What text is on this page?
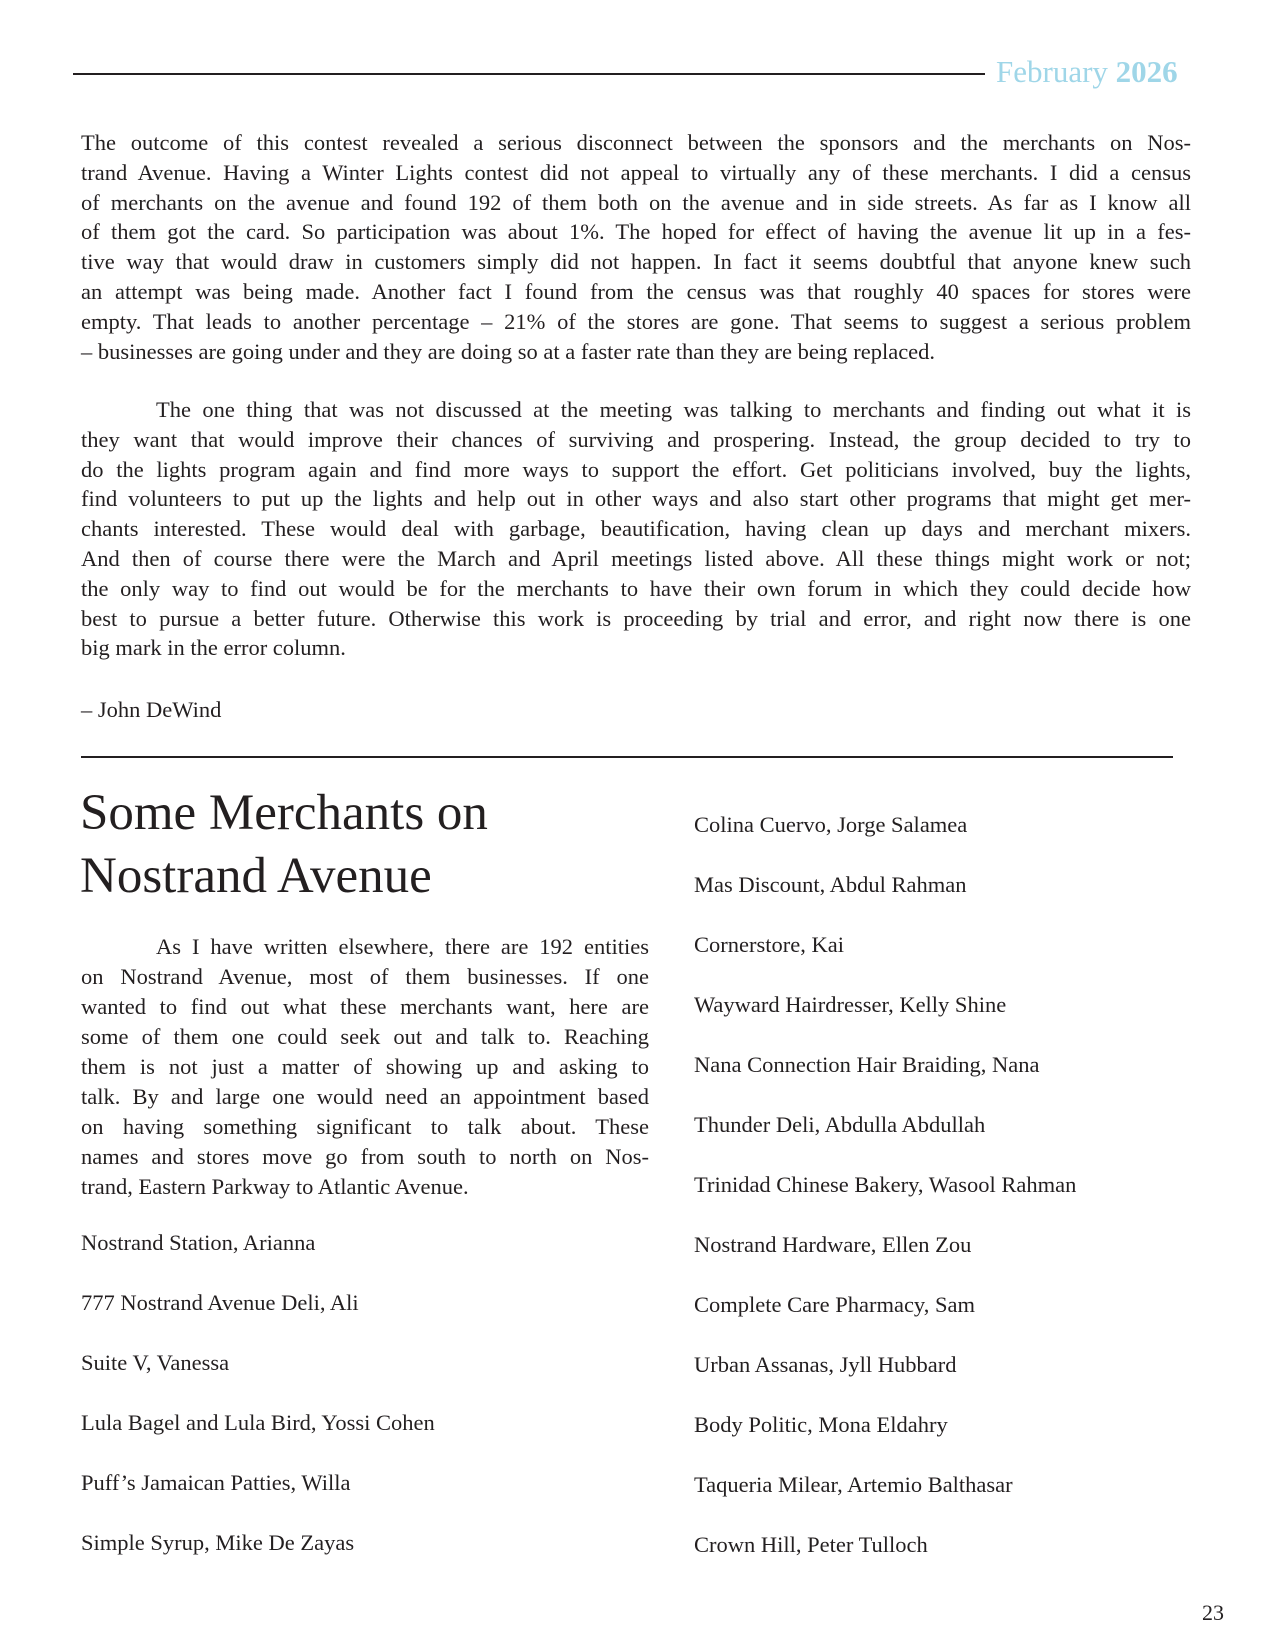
February 2026
The outcome of this contest revealed a serious disconnect between the sponsors and the merchants on Nos-
trand Avenue. Having a Winter Lights contest did not appeal to virtually any of these merchants. I did a census
of merchants on the avenue and found 192 of them both on the avenue and in side streets. As far as I know all
of them got the card. So participation was about 1%. The hoped for effect of having the avenue lit up in a fes-
tive way that would draw in customers simply did not happen. In fact it seems doubtful that anyone knew such
an attempt was being made. Another fact I found from the census was that roughly 40 spaces for stores were
empty. That leads to another percentage – 21% of the stores are gone. That seems to suggest a serious problem
– businesses are going under and they are doing so at a faster rate than they are being replaced.
The one thing that was not discussed at the meeting was talking to merchants and finding out what it is
they want that would improve their chances of surviving and prospering. Instead, the group decided to try to
do the lights program again and find more ways to support the effort. Get politicians involved, buy the lights,
find volunteers to put up the lights and help out in other ways and also start other programs that might get mer-
chants interested. These would deal with garbage, beautification, having clean up days and merchant mixers.
And then of course there were the March and April meetings listed above. All these things might work or not;
the only way to find out would be for the merchants to have their own forum in which they could decide how
best to pursue a better future. Otherwise this work is proceeding by trial and error, and right now there is one
big mark in the error column.
– John DeWind
Some Merchants on
Nostrand Avenue
As I have written elsewhere, there are 192 entities
on Nostrand Avenue, most of them businesses. If one
wanted to find out what these merchants want, here are
some of them one could seek out and talk to. Reaching
them is not just a matter of showing up and asking to
talk. By and large one would need an appointment based
on having something significant to talk about. These
names and stores move go from south to north on Nos-
trand, Eastern Parkway to Atlantic Avenue.
Nostrand Station, Arianna
777 Nostrand Avenue Deli, Ali
Suite V, Vanessa
Lula Bagel and Lula Bird, Yossi Cohen
Puff’s Jamaican Patties, Willa
Simple Syrup, Mike De Zayas
Colina Cuervo, Jorge Salamea
Mas Discount, Abdul Rahman
Cornerstore, Kai
Wayward Hairdresser, Kelly Shine
Nana Connection Hair Braiding, Nana
Thunder Deli, Abdulla Abdullah
Trinidad Chinese Bakery, Wasool Rahman
Nostrand Hardware, Ellen Zou
Complete Care Pharmacy, Sam
Urban Assanas, Jyll Hubbard
Body Politic, Mona Eldahry
Taqueria Milear, Artemio Balthasar
Crown Hill, Peter Tulloch
23
